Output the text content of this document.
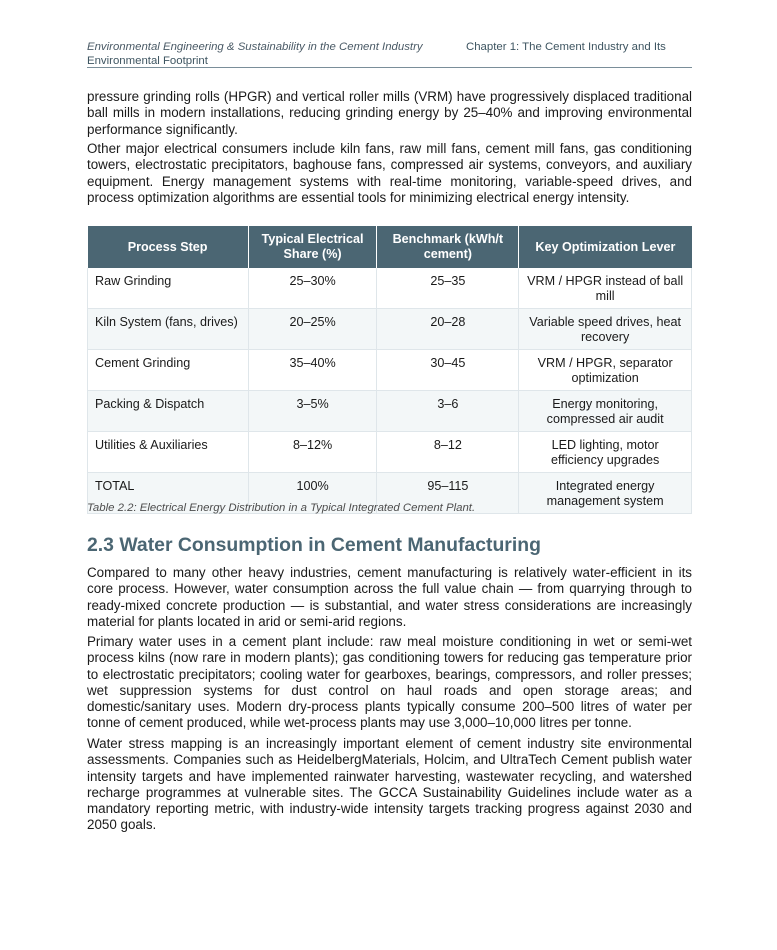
Environmental Engineering & Sustainability in the Cement Industry	Chapter 1: The Cement Industry and Its
Environmental Footprint

pressure grinding rolls (HPGR) and vertical roller mills (VRM) have progressively displaced traditional ball mills in modern installations, reducing grinding energy by 25–40% and improving environmental performance significantly.

Other major electrical consumers include kiln fans, raw mill fans, cement mill fans, gas conditioning towers, electrostatic precipitators, baghouse fans, compressed air systems, conveyors, and auxiliary equipment. Energy management systems with real-time monitoring, variable-speed drives, and process optimization algorithms are essential tools for minimizing electrical energy intensity.

Process Step	Typical Electrical Share (%)	Benchmark (kWh/t cement)	Key Optimization Lever
Raw Grinding	25–30%	25–35	VRM / HPGR instead of ball mill
Kiln System (fans, drives)	20–25%	20–28	Variable speed drives, heat recovery
Cement Grinding	35–40%	30–45	VRM / HPGR, separator optimization
Packing & Dispatch	3–5%	3–6	Energy monitoring, compressed air audit
Utilities & Auxiliaries	8–12%	8–12	LED lighting, motor efficiency upgrades
TOTAL	100%	95–115	Integrated energy management system
Table 2.2: Electrical Energy Distribution in a Typical Integrated Cement Plant.
2.3 Water Consumption in Cement Manufacturing

Compared to many other heavy industries, cement manufacturing is relatively water-efficient in its core process. However, water consumption across the full value chain — from quarrying through to ready-mixed concrete production — is substantial, and water stress considerations are increasingly material for plants located in arid or semi-arid regions.

Primary water uses in a cement plant include: raw meal moisture conditioning in wet or semi-wet process kilns (now rare in modern plants); gas conditioning towers for reducing gas temperature prior to electrostatic precipitators; cooling water for gearboxes, bearings, compressors, and roller presses; wet suppression systems for dust control on haul roads and open storage areas; and domestic/sanitary uses. Modern dry-process plants typically consume 200–500 litres of water per tonne of cement produced, while wet-process plants may use 3,000–10,000 litres per tonne.

Water stress mapping is an increasingly important element of cement industry site environmental assessments. Companies such as HeidelbergMaterials, Holcim, and UltraTech Cement publish water intensity targets and have implemented rainwater harvesting, wastewater recycling, and watershed recharge programmes at vulnerable sites. The GCCA Sustainability Guidelines include water as a mandatory reporting metric, with industry-wide intensity targets tracking progress against 2030 and 2050 goals.
